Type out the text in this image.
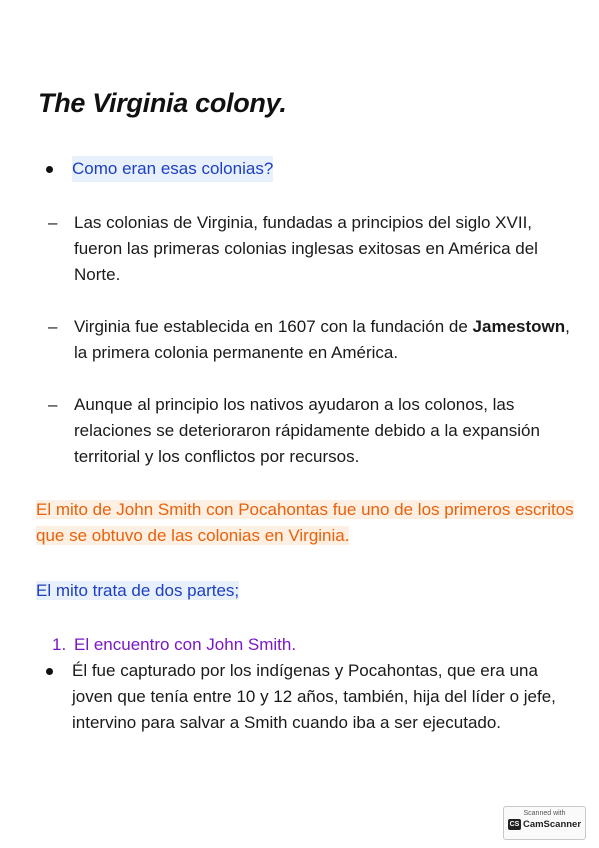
The Virginia colony.
Como eran esas colonias?
– Las colonias de Virginia, fundadas a principios del siglo XVII, fueron las primeras colonias inglesas exitosas en América del Norte.
– Virginia fue establecida en 1607 con la fundación de Jamestown, la primera colonia permanente en América.
– Aunque al principio los nativos ayudaron a los colonos, las relaciones se deterioraron rápidamente debido a la expansión territorial y los conflictos por recursos.
El mito de John Smith con Pocahontas fue uno de los primeros escritos que se obtuvo de las colonias en Virginia.
El mito trata de dos partes;
1. El encuentro con John Smith.
Él fue capturado por los indígenas y Pocahontas, que era una joven que tenía entre 10 y 12 años, también, hija del líder o jefe, intervino para salvar a Smith cuando iba a ser ejecutado.
Scanned with
CS CamScanner
